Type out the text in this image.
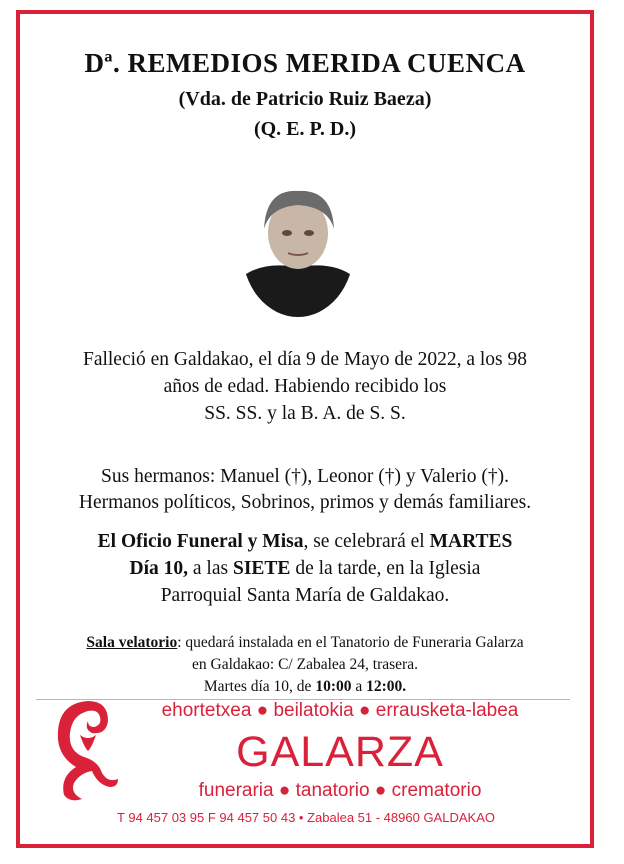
Dª. REMEDIOS MERIDA CUENCA
(Vda. de Patricio Ruiz Baeza)
(Q. E. P. D.)
Falleció en Galdakao, el día 9 de Mayo de 2022, a los 98
años de edad. Habiendo recibido los
SS. SS. y la B. A. de S. S.
Sus hermanos: Manuel (†), Leonor (†) y Valerio (†).
Hermanos políticos, Sobrinos, primos y demás familiares.
El Oficio Funeral y Misa, se celebrará el MARTES
Día 10, a las SIETE de la tarde, en la Iglesia
Parroquial Santa María de Galdakao.
Sala velatorio: quedará instalada en el Tanatorio de Funeraria Galarza
en Galdakao: C/ Zabalea 24, trasera.
Martes día 10, de 10:00 a 12:00.
ehortetxea ● beilatokia ● errausketa-labea
GALARZA
funeraria ● tanatorio ● crematorio
T 94 457 03 95 F 94 457 50 43 • Zabalea 51 - 48960 GALDAKAO
